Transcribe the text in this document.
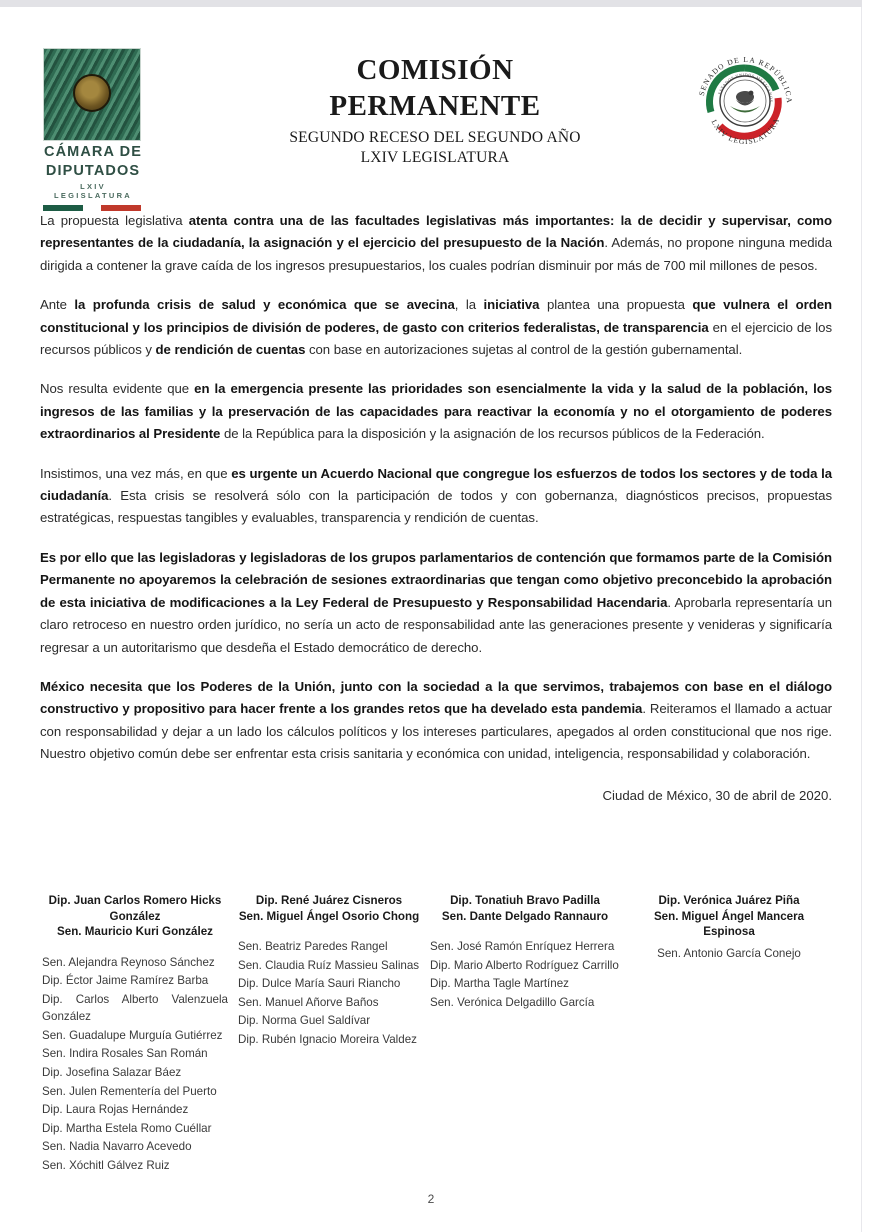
CÁMARA DE
DIPUTADOS
LXIV LEGISLATURA
COMISIÓN
PERMANENTE
SEGUNDO RECESO DEL SEGUNDO AÑO
LXIV LEGISLATURA
SENADO DE LA REPÚBLICA
LXIV LEGISLATURA
ESTADOS UNIDOS MEXICANOS

La propuesta legislativa atenta contra una de las facultades legislativas más importantes: la de decidir y supervisar, como representantes de la ciudadanía, la asignación y el ejercicio del presupuesto de la Nación. Además, no propone ninguna medida dirigida a contener la grave caída de los ingresos presupuestarios, los cuales podrían disminuir por más de 700 mil millones de pesos.

Ante la profunda crisis de salud y económica que se avecina, la iniciativa plantea una propuesta que vulnera el orden constitucional y los principios de división de poderes, de gasto con criterios federalistas, de transparencia en el ejercicio de los recursos públicos y de rendición de cuentas con base en autorizaciones sujetas al control de la gestión gubernamental.

Nos resulta evidente que en la emergencia presente las prioridades son esencialmente la vida y la salud de la población, los ingresos de las familias y la preservación de las capacidades para reactivar la economía y no el otorgamiento de poderes extraordinarios al Presidente de la República para la disposición y la asignación de los recursos públicos de la Federación.

Insistimos, una vez más, en que es urgente un Acuerdo Nacional que congregue los esfuerzos de todos los sectores y de toda la ciudadanía. Esta crisis se resolverá sólo con la participación de todos y con gobernanza, diagnósticos precisos, propuestas estratégicas, respuestas tangibles y evaluables, transparencia y rendición de cuentas.

Es por ello que las legisladoras y legisladoras de los grupos parlamentarios de contención que formamos parte de la Comisión Permanente no apoyaremos la celebración de sesiones extraordinarias que tengan como objetivo preconcebido la aprobación de esta iniciativa de modificaciones a la Ley Federal de Presupuesto y Responsabilidad Hacendaria. Aprobarla representaría un claro retroceso en nuestro orden jurídico, no sería un acto de responsabilidad ante las generaciones presente y venideras y significaría regresar a un autoritarismo que desdeña el Estado democrático de derecho.

México necesita que los Poderes de la Unión, junto con la sociedad a la que servimos, trabajemos con base en el diálogo constructivo y propositivo para hacer frente a los grandes retos que ha develado esta pandemia. Reiteramos el llamado a actuar con responsabilidad y dejar a un lado los cálculos políticos y los intereses particulares, apegados al orden constitucional que nos rige. Nuestro objetivo común debe ser enfrentar esta crisis sanitaria y económica con unidad, inteligencia, responsabilidad y colaboración.

Ciudad de México, 30 de abril de 2020.
Dip. Juan Carlos Romero Hicks González
Sen. Mauricio Kuri González
Sen. Alejandra Reynoso Sánchez
Dip. Éctor Jaime Ramírez Barba
Dip. Carlos Alberto Valenzuela González
Sen. Guadalupe Murguía Gutiérrez
Sen. Indira Rosales San Román
Dip. Josefina Salazar Báez
Sen. Julen Rementería del Puerto
Dip. Laura Rojas Hernández
Dip. Martha Estela Romo Cuéllar
Sen. Nadia Navarro Acevedo
Sen. Xóchitl Gálvez Ruiz
Dip. René Juárez Cisneros
Sen. Miguel Ángel Osorio Chong
Sen. Beatriz Paredes Rangel
Sen. Claudia Ruíz Massieu Salinas
Dip. Dulce María Sauri Riancho
Sen. Manuel Añorve Baños
Dip. Norma Guel Saldívar
Dip. Rubén Ignacio Moreira Valdez
Dip. Tonatiuh Bravo Padilla
Sen. Dante Delgado Rannauro
Sen. José Ramón Enríquez Herrera
Dip. Mario Alberto Rodríguez Carrillo
Dip. Martha Tagle Martínez
Sen. Verónica Delgadillo García
Dip. Verónica Juárez Piña
Sen. Miguel Ángel Mancera Espinosa
Sen. Antonio García Conejo
2
